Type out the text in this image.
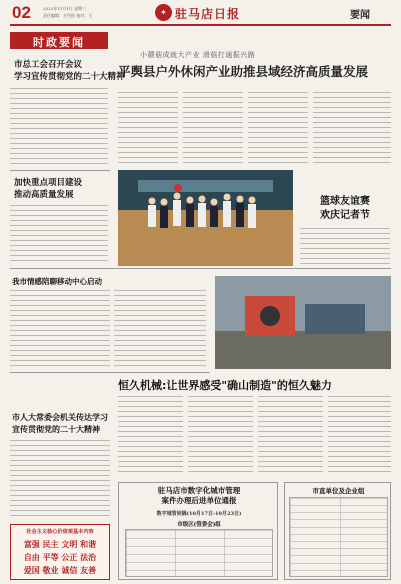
02	2023年11月1日 星期三
责任编辑：万雪松 校对：王	✦ 驻马店日报	要闻
时政要闻
小蘑菇成就大产业 滑菇打通振兴路
平舆县户外休闲产业助推县域经济高质量发展
市总工会召开会议
学习宣传贯彻党的二十大精神
加快重点项目建设
推动高质量发展
篮球友谊赛
欢庆记者节
我市情感陪聊移动中心启动
恒久机械:让世界感受"确山制造"的恒久魅力
市人大常委会机关传达学习
宣传贯彻党的二十大精神
社会主义核心价值观基本内容
富强 民主 文明 和谐
自由 平等 公正 法治
爱国 敬业 诚信 友善
驻马店市数字化城市管理
案件办理后进单位通报
数字城管间隔(10月17日-10月23日)
市级区(管委会)组
市直单位及企业组
